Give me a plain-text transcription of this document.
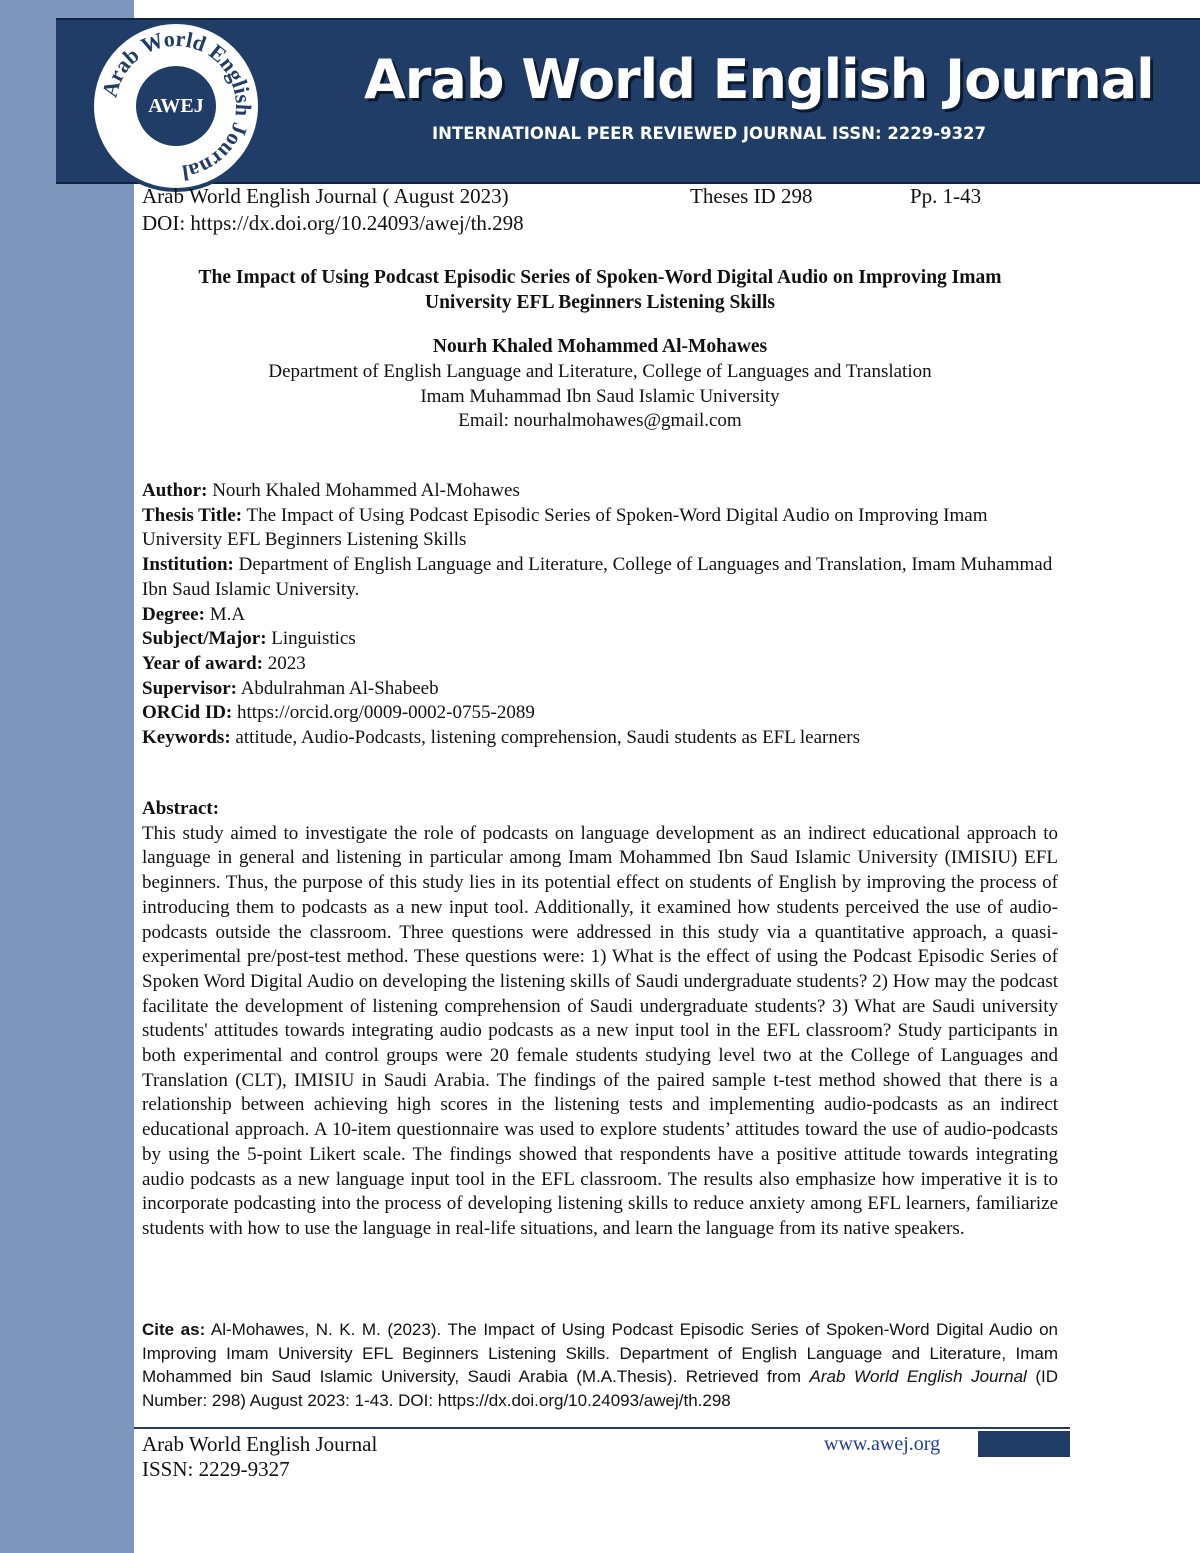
Arab World English Journal
INTERNATIONAL PEER REVIEWED JOURNAL ISSN: 2229-9327
Arab World English Journal
AWEJ
Arab World English Journal ( August 2023)	Theses ID 298	Pp. 1-43
DOI: https://dx.doi.org/10.24093/awej/th.298
The Impact of Using Podcast Episodic Series of Spoken-Word Digital Audio on Improving Imam
University EFL Beginners Listening Skills
Nourh Khaled Mohammed Al-Mohawes
Department of English Language and Literature, College of Languages and Translation
Imam Muhammad Ibn Saud Islamic University
Email: nourhalmohawes@gmail.com

Author: Nourh Khaled Mohammed Al-Mohawes

Thesis Title: The Impact of Using Podcast Episodic Series of Spoken-Word Digital Audio on Improving Imam University EFL Beginners Listening Skills

Institution: Department of English Language and Literature, College of Languages and Translation, Imam Muhammad Ibn Saud Islamic University.

Degree: M.A

Subject/Major: Linguistics

Year of award: 2023

Supervisor: Abdulrahman Al-Shabeeb

ORCid ID: https://orcid.org/0009-0002-0755-2089

Keywords: attitude, Audio-Podcasts, listening comprehension, Saudi students as EFL learners

Abstract:

This study aimed to investigate the role of podcasts on language development as an indirect educational approach to language in general and listening in particular among Imam Mohammed Ibn Saud Islamic University (IMISIU) EFL beginners. Thus, the purpose of this study lies in its potential effect on students of English by improving the process of introducing them to podcasts as a new input tool. Additionally, it examined how students perceived the use of audio-podcasts outside the classroom. Three questions were addressed in this study via a quantitative approach, a quasi-experimental pre/post-test method. These questions were: 1) What is the effect of using the Podcast Episodic Series of Spoken Word Digital Audio on developing the listening skills of Saudi undergraduate students? 2) How may the podcast facilitate the development of listening comprehension of Saudi undergraduate students? 3) What are Saudi university students' attitudes towards integrating audio podcasts as a new input tool in the EFL classroom? Study participants in both experimental and control groups were 20 female students studying level two at the College of Languages and Translation (CLT), IMISIU in Saudi Arabia. The findings of the paired sample t-test method showed that there is a relationship between achieving high scores in the listening tests and implementing audio-podcasts as an indirect educational approach. A 10-item questionnaire was used to explore students’ attitudes toward the use of audio-podcasts by using the 5-point Likert scale. The findings showed that respondents have a positive attitude towards integrating audio podcasts as a new language input tool in the EFL classroom. The results also emphasize how imperative it is to incorporate podcasting into the process of developing listening skills to reduce anxiety among EFL learners, familiarize students with how to use the language in real-life situations, and learn the language from its native speakers.

Cite as: Al-Mohawes, N. K. M. (2023). The Impact of Using Podcast Episodic Series of Spoken-Word Digital Audio on Improving Imam University EFL Beginners Listening Skills. Department of English Language and Literature, Imam Mohammed bin Saud Islamic University, Saudi Arabia (M.A.Thesis). Retrieved from Arab World English Journal (ID Number: 298) August 2023: 1-43. DOI: https://dx.doi.org/10.24093/awej/th.298
Arab World English Journal
ISSN: 2229-9327
www.awej.org
